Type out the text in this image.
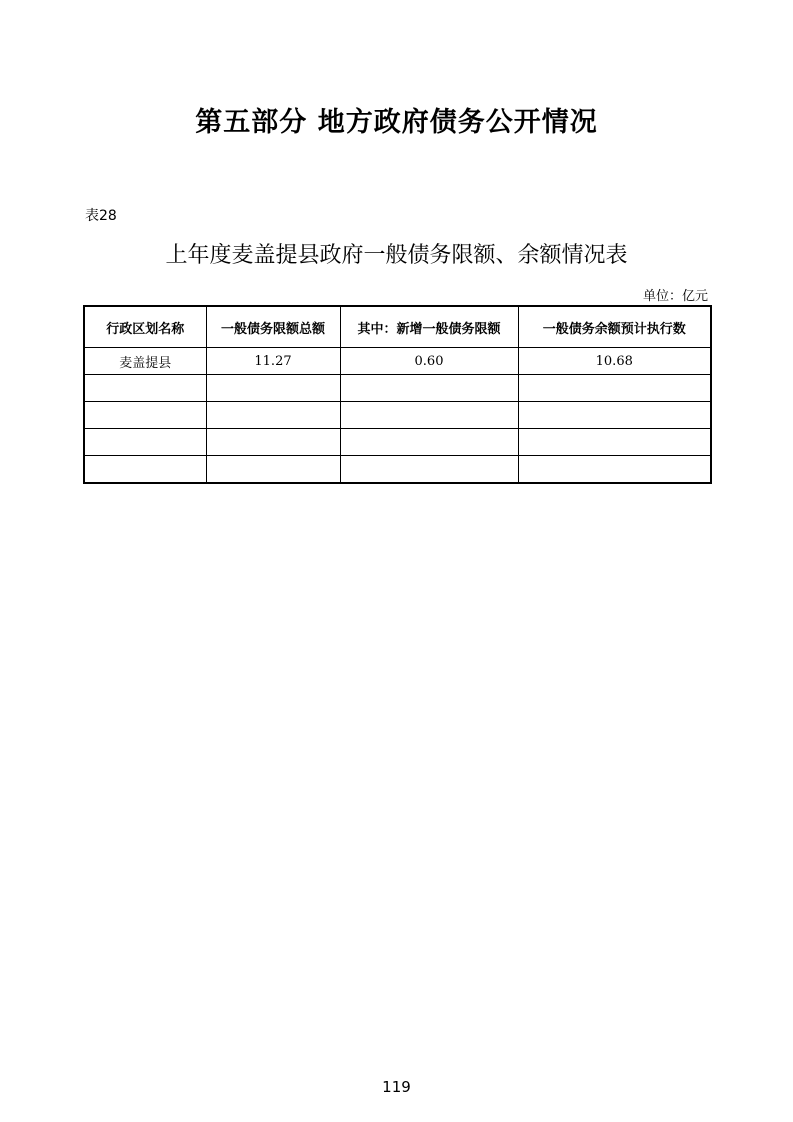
第五部分 地方政府债务公开情况
表28
上年度麦盖提县政府一般债务限额、余额情况表
单位：亿元
行政区划名称	一般债务限额总额	其中：新增一般债务限额	一般债务余额预计执行数
麦盖提县	11.27	0.60	10.68

119
